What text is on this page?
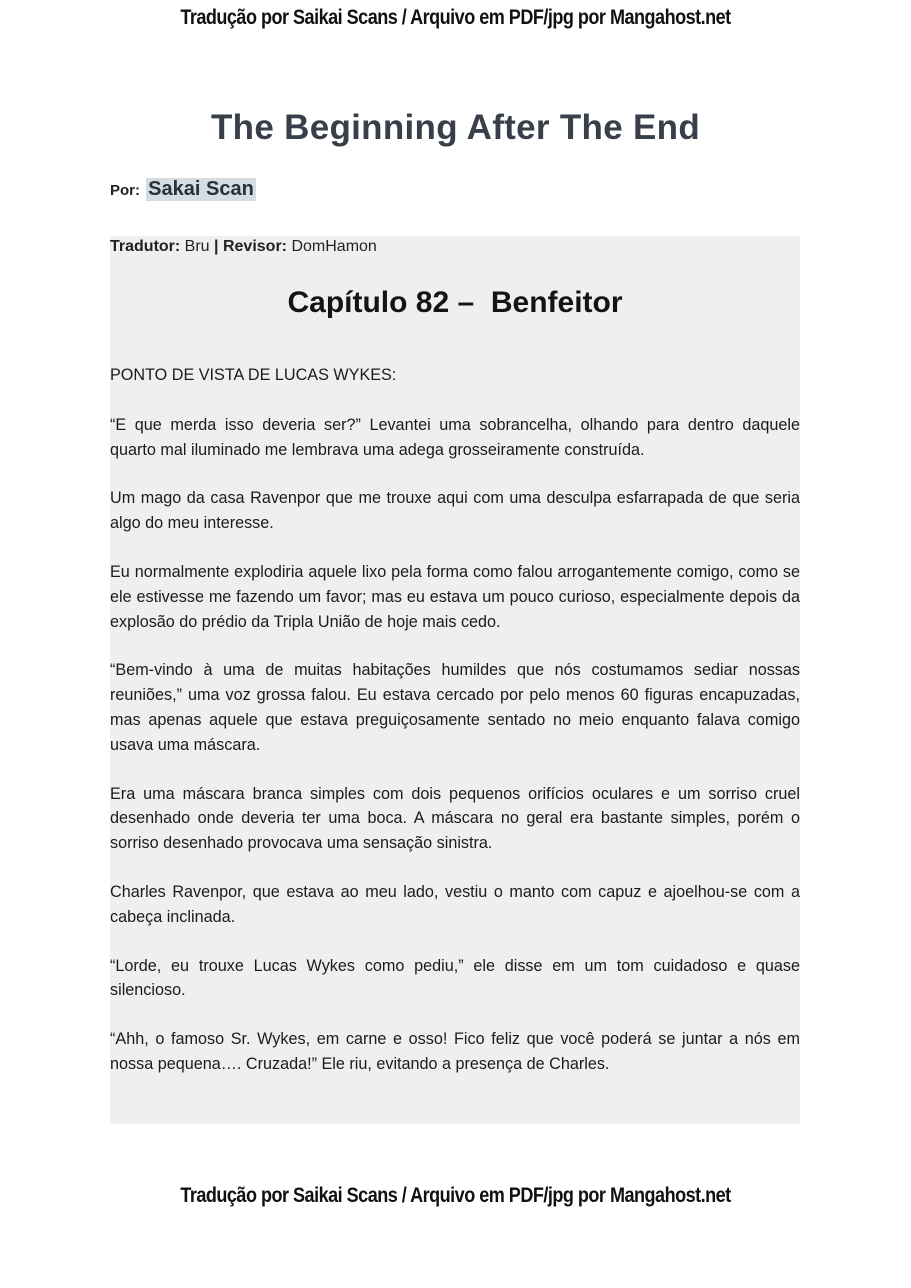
Tradução por Saikai Scans / Arquivo em PDF/jpg por Mangahost.net
The Beginning After The End
Por: Sakai Scan
Tradutor: Bru | Revisor: DomHamon
Capítulo 82 –  Benfeitor

PONTO DE VISTA DE LUCAS WYKES:

“E que merda isso deveria ser?” Levantei uma sobrancelha, olhando para dentro daquele quarto mal iluminado me lembrava uma adega grosseiramente construída.

Um mago da casa Ravenpor que me trouxe aqui com uma desculpa esfarrapada de que seria algo do meu interesse.

Eu normalmente explodiria aquele lixo pela forma como falou arrogantemente comigo, como se ele estivesse me fazendo um favor; mas eu estava um pouco curioso, especialmente depois da explosão do prédio da Tripla União de hoje mais cedo.

“Bem-vindo à uma de muitas habitações humildes que nós costumamos sediar nossas reuniões,” uma voz grossa falou. Eu estava cercado por pelo menos 60 figuras encapuzadas, mas apenas aquele que estava preguiçosamente sentado no meio enquanto falava comigo usava uma máscara.

Era uma máscara branca simples com dois pequenos orifícios oculares e um sorriso cruel desenhado onde deveria ter uma boca. A máscara no geral era bastante simples, porém o sorriso desenhado provocava uma sensação sinistra.

Charles Ravenpor, que estava ao meu lado, vestiu o manto com capuz e ajoelhou-se com a cabeça inclinada.

“Lorde, eu trouxe Lucas Wykes como pediu,” ele disse em um tom cuidadoso e quase silencioso.

“Ahh, o famoso Sr. Wykes, em carne e osso! Fico feliz que você poderá se juntar a nós em nossa pequena…. Cruzada!” Ele riu, evitando a presença de Charles.

Tradução por Saikai Scans / Arquivo em PDF/jpg por Mangahost.net
